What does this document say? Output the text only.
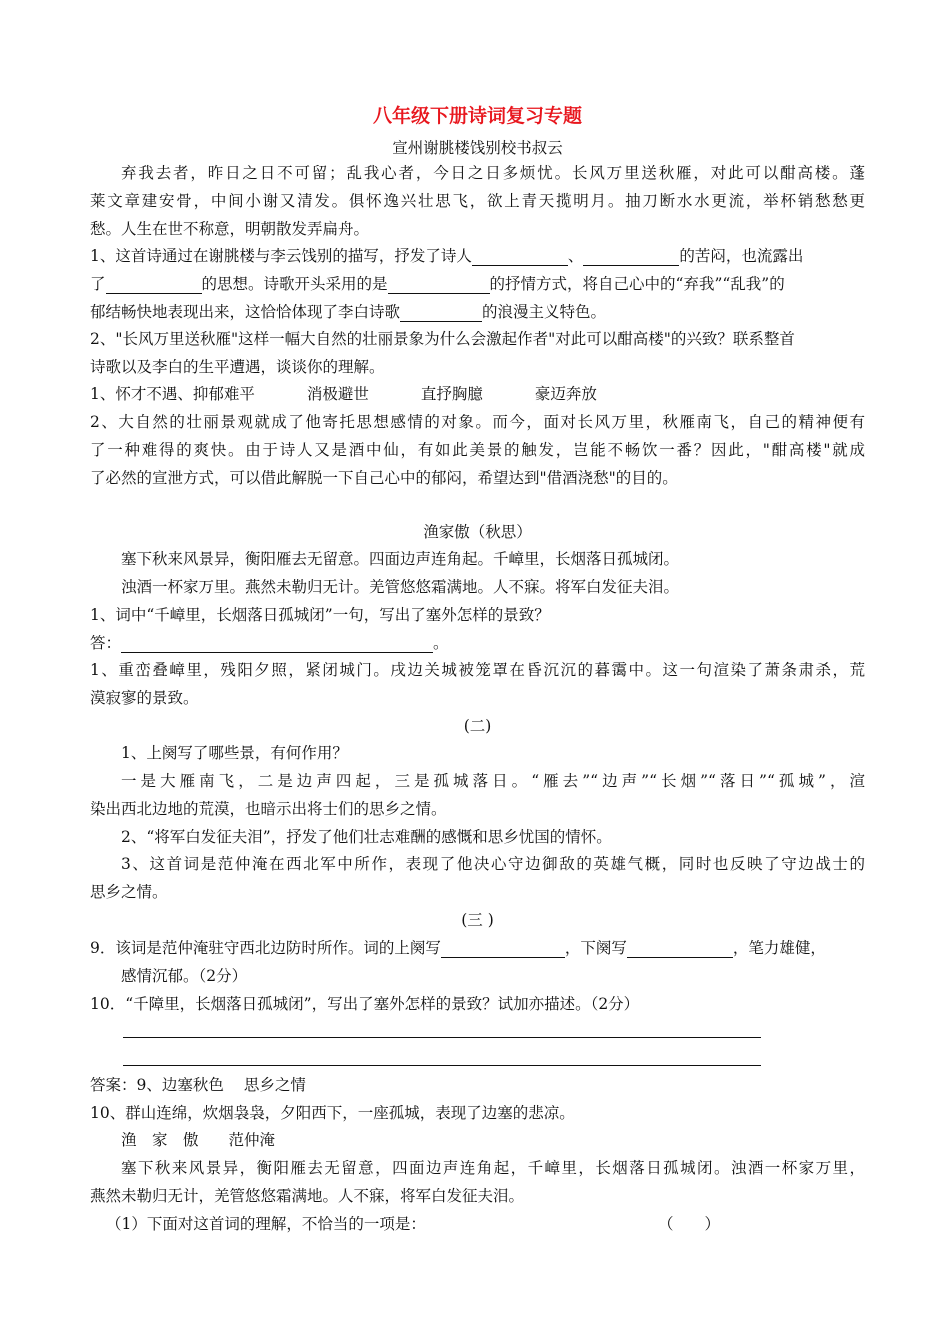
八年级下册诗词复习专题
宣州谢朓楼饯别校书叔云
弃我去者，昨日之日不可留；乱我心者，今日之日多烦忧。长风万里送秋雁，对此可以酣高楼。蓬
莱文章建安骨，中间小谢又清发。俱怀逸兴壮思飞，欲上青天揽明月。抽刀断水水更流，举杯销愁愁更
愁。人生在世不称意，明朝散发弄扁舟。
1、这首诗通过在谢朓楼与李云饯别的描写，抒发了诗人	、	的苦闷，也流露出
了	的思想。诗歌开头采用的是	的抒情方式，将自己心中的“弃我”“乱我”的
郁结畅快地表现出来，这恰恰体现了李白诗歌	的浪漫主义特色。
2、"长风万里送秋雁"这样一幅大自然的壮丽景象为什么会激起作者"对此可以酣高楼"的兴致？联系整首
诗歌以及李白的生平遭遇，谈谈你的理解。
1、怀才不遇、抑郁难平	消极避世	直抒胸臆	豪迈奔放
2、大自然的壮丽景观就成了他寄托思想感情的对象。而今，面对长风万里，秋雁南飞，自己的精神便有
了一种难得的爽快。由于诗人又是酒中仙，有如此美景的触发，岂能不畅饮一番？因此，"酣高楼"就成
了必然的宣泄方式，可以借此解脱一下自己心中的郁闷，希望达到"借酒浇愁"的目的。
渔家傲（秋思）
塞下秋来风景异，衡阳雁去无留意。四面边声连角起。千嶂里，长烟落日孤城闭。
浊酒一杯家万里。燕然未勒归无计。羌管悠悠霜满地。人不寐。将军白发征夫泪。
1、词中“千嶂里，长烟落日孤城闭”一句，写出了塞外怎样的景致？
答：	。
1、重峦叠嶂里，残阳夕照，紧闭城门。戌边关城被笼罩在昏沉沉的暮霭中。这一句渲染了萧条肃杀，荒
漠寂寥的景致。
(二)
1、上阕写了哪些景，有何作用？
一是大雁南飞，二是边声四起，三是孤城落日。“雁去”“边声”“长烟”“落日”“孤城”，渲
染出西北边地的荒漠，也暗示出将士们的思乡之情。
2、“将军白发征夫泪”，抒发了他们壮志难酬的感慨和思乡忧国的情怀。
3、这首词是范仲淹在西北军中所作，表现了他决心守边御敌的英雄气概，同时也反映了守边战士的
思乡之情。
(三 )
9．该词是范仲淹驻守西北边防时所作。词的上阕写	，下阕写	，笔力雄健，
感情沉郁。（2分）
10．“千障里，长烟落日孤城闭”，写出了塞外怎样的景致？试加亦描述。（2分）
答案：9、边塞秋色 思乡之情
10、群山连绵，炊烟袅袅，夕阳西下，一座孤城，表现了边塞的悲凉。
渔　家　傲 范仲淹
塞下秋来风景异，衡阳雁去无留意，四面边声连角起，千嶂里，长烟落日孤城闭。浊酒一杯家万里，
燕然未勒归无计，羌管悠悠霜满地。人不寐，将军白发征夫泪。
（1）下面对这首词的理解，不恰当的一项是：	（　　）
